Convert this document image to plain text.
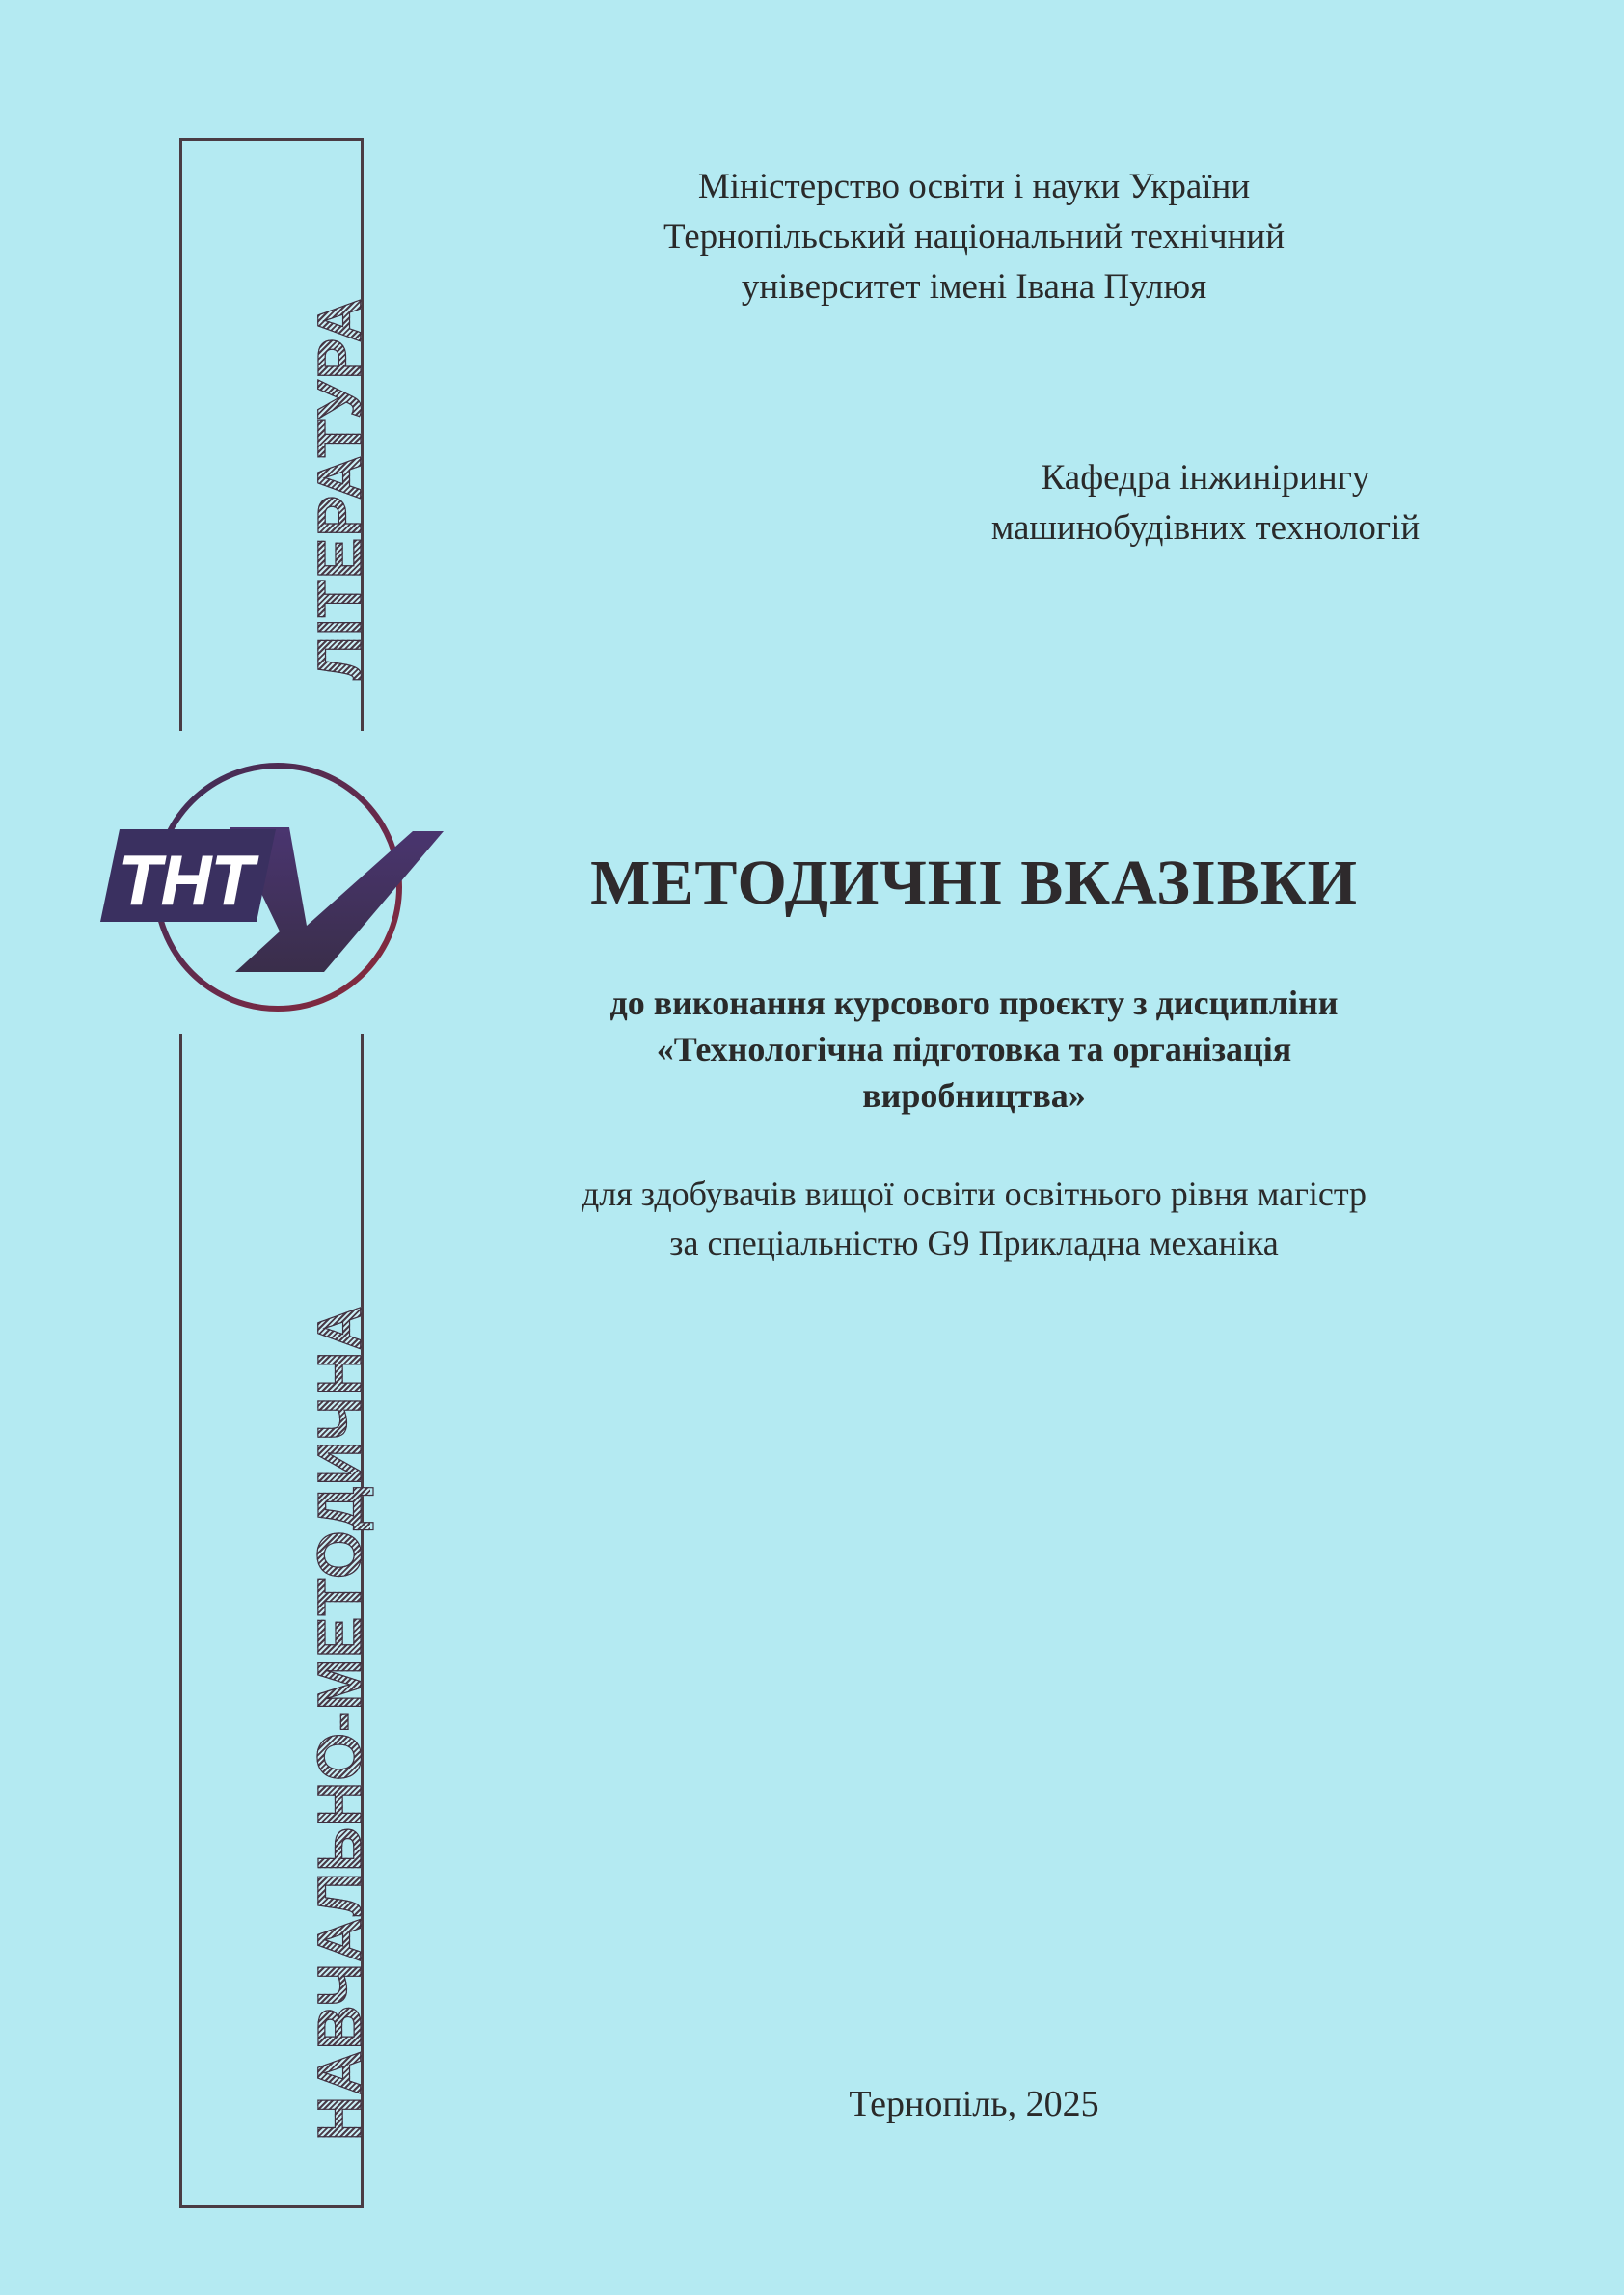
ЛІТЕРАТУРА
НАВЧАЛЬНО-МЕТОДИЧНА
ТНТ

Міністерство освіти і науки України

Тернопільський національний технічний

університет імені Івана Пулюя

Кафедра інжинірингу

машинобудівних технологій

МЕТОДИЧНІ ВКАЗІВКИ

до виконання курсового проєкту з дисципліни

«Технологічна підготовка та організація

виробництва»

для здобувачів вищої освіти освітнього рівня магістр

за спеціальністю G9 Прикладна механіка

Тернопіль, 2025
